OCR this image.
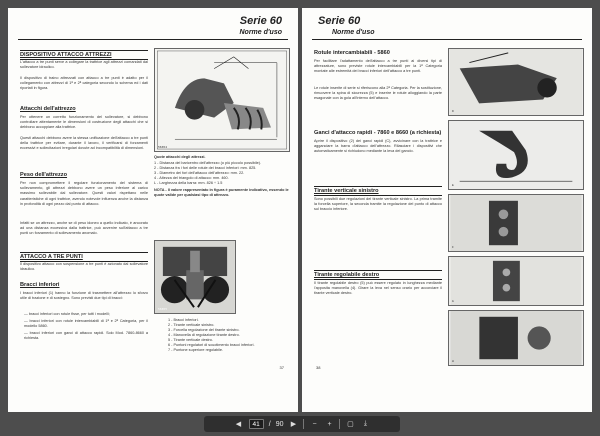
Serie 60
Norme d'uso
DISPOSITIVO ATTACCO ATTREZZI
L'attacco a tre punti serve a collegare la trattrice agli attrezzi comandati dal sollevatore idraulico.
Il dispositivo di traino attrezzati con attacco a tre punti è adatto per il collegamento con attrezzi di 1ª e 2ª categoria secondo lo schema ed i dati riportati in figura.
Attacchi dell'attrezzo
Per ottenere un corretto funzionamento del sollevatore, si debbono controllare attentamente le dimensioni di costruzione degli attacchi che si debbono accoppiare alla trattrice.
Questi attacchi debbono avere la stessa unificazione dell'attacco a tre punti della trattrice per evitare, durante il lavoro, il verificarsi di forzamenti eccessivi e sollecitazioni irregolari dovute ad incompatibilità di dimensioni.
Peso dell'attrezzo
Per non compromettere il regolare funzionamento del sistema di sollevamento, gli attrezzi debbono avere un peso inferiore al carico massimo sollevabile dal sollevatore. Questi valori rispettano nelle caratteristiche di ogni trattrice, avendo notevole influenza anche la distanza in profondità di ogni pezzo dal punto di attacco.
Infatti se un attrezzo, anche se di peso idoneo a quello indicato, è ancorato ad una distanza eccessiva dalla trattrice, può avvenire sull'attacco a tre punti un forzamento di sollevamento anomalo.
ATTACCO A TRE PUNTI
Il dispositivo attacco con sospensione a tre punti è azionato dal sollevatore idraulico.
Bracci inferiori
I bracci inferiori (1) hanno la funzione di trasmettere all'attrezzo lo sforzo utile di trazione e di sostegno. Sono previsti due tipi di bracci:
— bracci inferiori con rotule fisse, per tutti i modelli;
— bracci inferiori con rotule intercambiabili di 1ª e 2ª Categoria, per il modello 5860.
— bracci inferiori con ganci di attacco rapidi. Solo Mod. 7860-8660 a richiesta.
56654
Quote attacchi degli attrezzi.
1 - Distanza del baricentro dell'attrezzo (o più piccolo possibile).
2 - Distanza fra i fori delle rotule dei bracci inferiori: mm. 825.
3 - Diametro dei fori dell'attacco dell'attrezzo: mm. 22.
4 - Altezza del triangolo di attacco: mm. 460.
L - Larghezza della barra: mm. 826 ÷ 1.5
NOTA - Il valore rappresentato in figura è puramente indicativo, essendo le quote valide per qualsiasi tipo di attrezzo.
56655
1 - Bracci inferiori.
2 - Tirante verticale sinistro.
3 - Forcella regolazione del tirante sinistro.
4 - Manovella di regolazione tirante destro.
5 - Tirante verticale destro.
6 - Puntoni regolatori di scuotimento bracci inferiori.
7 - Puntone superiore regolabile.
37
Serie 60
Norme d'uso
Rotule intercambiabili - 5860
Per facilitare l'adattamento dell'attacco a tre punti ai diversi tipi di attrezzature, sono previste rotule intercambiabili per la 1ª Categoria montate alle estremità dei bracci inferiori dell'attacco a tre punti.
Le rotule inserite di serie si riferiscono alla 2ª Categoria. Per la sostituzione, rimuovere la spina di sicurezza (5) e inserire le rotule alloggiando la parte esagonale con la gola all'interno dell'attacco.
Ganci d'attacco rapidi - 7860 e 8660 (a richiesta)
Aprire il dispositivo (2) dei ganci rapidi (C), avvicinare con la trattrice e agganciare la barra d'attacco dell'attrezzo. Rilasciare i dispositivi che automaticamente si richiudono mediante la leva del gancio.
Tirante verticale sinistro
Sono possibili due regolazioni del tirante verticale sinistro. La prima tramite la forcella superiore, la seconda tramite la regolazione del punto di attacco sul braccio inferiore.
Tirante regolabile destro
Il tirante regolabile destro (5) può essere regolato in lunghezza mediante l'apposita manovella (4). Girare la leva nel senso orario per accorciare il tirante verticale destro.
D
E
F
G
H
38
◀	41	/ 90	▶	−	+	▢	⤓
